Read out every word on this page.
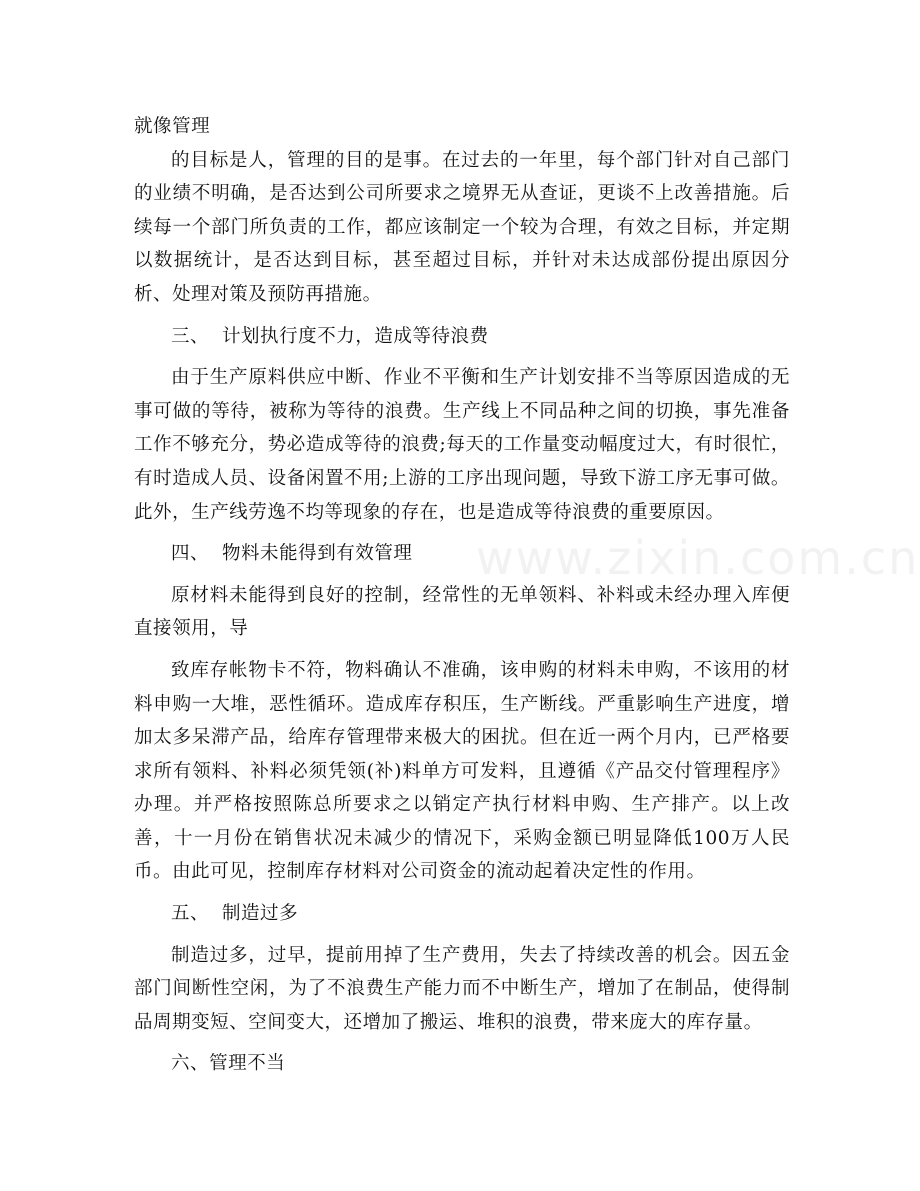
就像管理

的目标是人，管理的目的是事。在过去的一年里，每个部门针对自己部门的业绩不明确，是否达到公司所要求之境界无从查证，更谈不上改善措施。后续每一个部门所负责的工作，都应该制定一个较为合理，有效之目标，并定期以数据统计，是否达到目标，甚至超过目标，并针对未达成部份提出原因分析、处理对策及预防再措施。

三、  计划执行度不力，造成等待浪费

由于生产原料供应中断、作业不平衡和生产计划安排不当等原因造成的无事可做的等待，被称为等待的浪费。生产线上不同品种之间的切换，事先准备工作不够充分，势必造成等待的浪费;每天的工作量变动幅度过大，有时很忙，有时造成人员、设备闲置不用;上游的工序出现问题，导致下游工序无事可做。此外，生产线劳逸不均等现象的存在，也是造成等待浪费的重要原因。

四、  物料未能得到有效管理

原材料未能得到良好的控制，经常性的无单领料、补料或未经办理入库便直接领用，导

致库存帐物卡不符，物料确认不准确，该申购的材料未申购，不该用的材料申购一大堆，恶性循环。造成库存积压，生产断线。严重影响生产进度，增加太多呆滞产品，给库存管理带来极大的困扰。但在近一两个月内，已严格要求所有领料、补料必须凭领(补)料单方可发料，且遵循《产品交付管理程序》办理。并严格按照陈总所要求之以销定产执行材料申购、生产排产。以上改善，十一月份在销售状况未减少的情况下，采购金额已明显降低100万人民币。由此可见，控制库存材料对公司资金的流动起着决定性的作用。

五、  制造过多

制造过多，过早，提前用掉了生产费用，失去了持续改善的机会。因五金部门间断性空闲，为了不浪费生产能力而不中断生产，增加了在制品，使得制品周期变短、空间变大，还增加了搬运、堆积的浪费，带来庞大的库存量。

六、管理不当

www.zixin.com.cn
